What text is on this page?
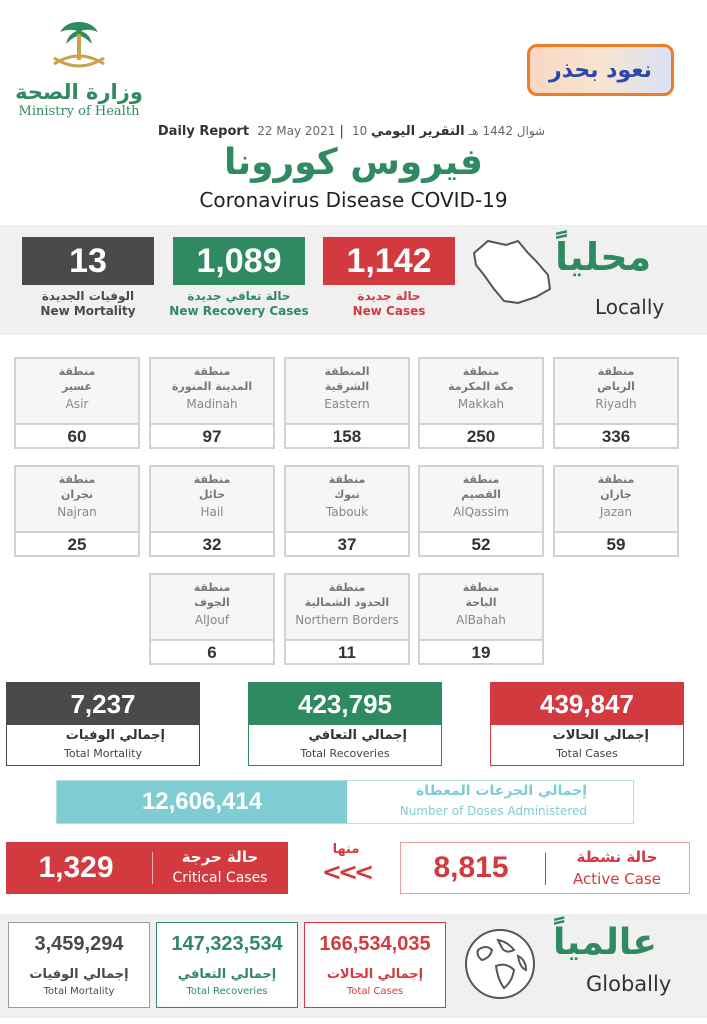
وزارة الصحة
Ministry of Health
نعود بحذر
Daily Report 22 May 2021 | 10 شوال 1442 هـ التقرير اليومي
فيروس كورونا
Coronavirus Disease COVID-19
13
الوفيات الجديدة
New Mortality
1,089
حالة تعافي جديدة
New Recovery Cases
1,142
حالة جديدة
New Cases
محلياً
Locally
منطقة
الرياض
Riyadh
336
منطقة
مكة المكرمة
Makkah
250
المنطقة
الشرقية
Eastern
158
منطقة
المدينة المنورة
Madinah
97
منطقة
عسير
Asir
60
منطقة
جازان
Jazan
59
منطقة
القصيم
AlQassim
52
منطقة
تبوك
Tabouk
37
منطقة
حائل
Hail
32
منطقة
نجران
Najran
25
منطقة
الباحة
AlBahah
19
منطقة
الحدود الشمالية
Northern Borders
11
منطقة
الجوف
AlJouf
6
7,237
إجمالي الوفيات
Total Mortality
423,795
إجمالي التعافي
Total Recoveries
439,847
إجمالي الحالات
Total Cases
12,606,414	إجمالي الجرعات المعطاة
Number of Doses Administered
1,329	حالة حرجة
Critical Cases
منها
<<<	8,815	حالة نشطة
Active Case
3,459,294
إجمالي الوفيات
Total Mortality
147,323,534
إجمالي التعافي
Total Recoveries
166,534,035
إجمالي الحالات
Total Cases
عالمياً
Globally
